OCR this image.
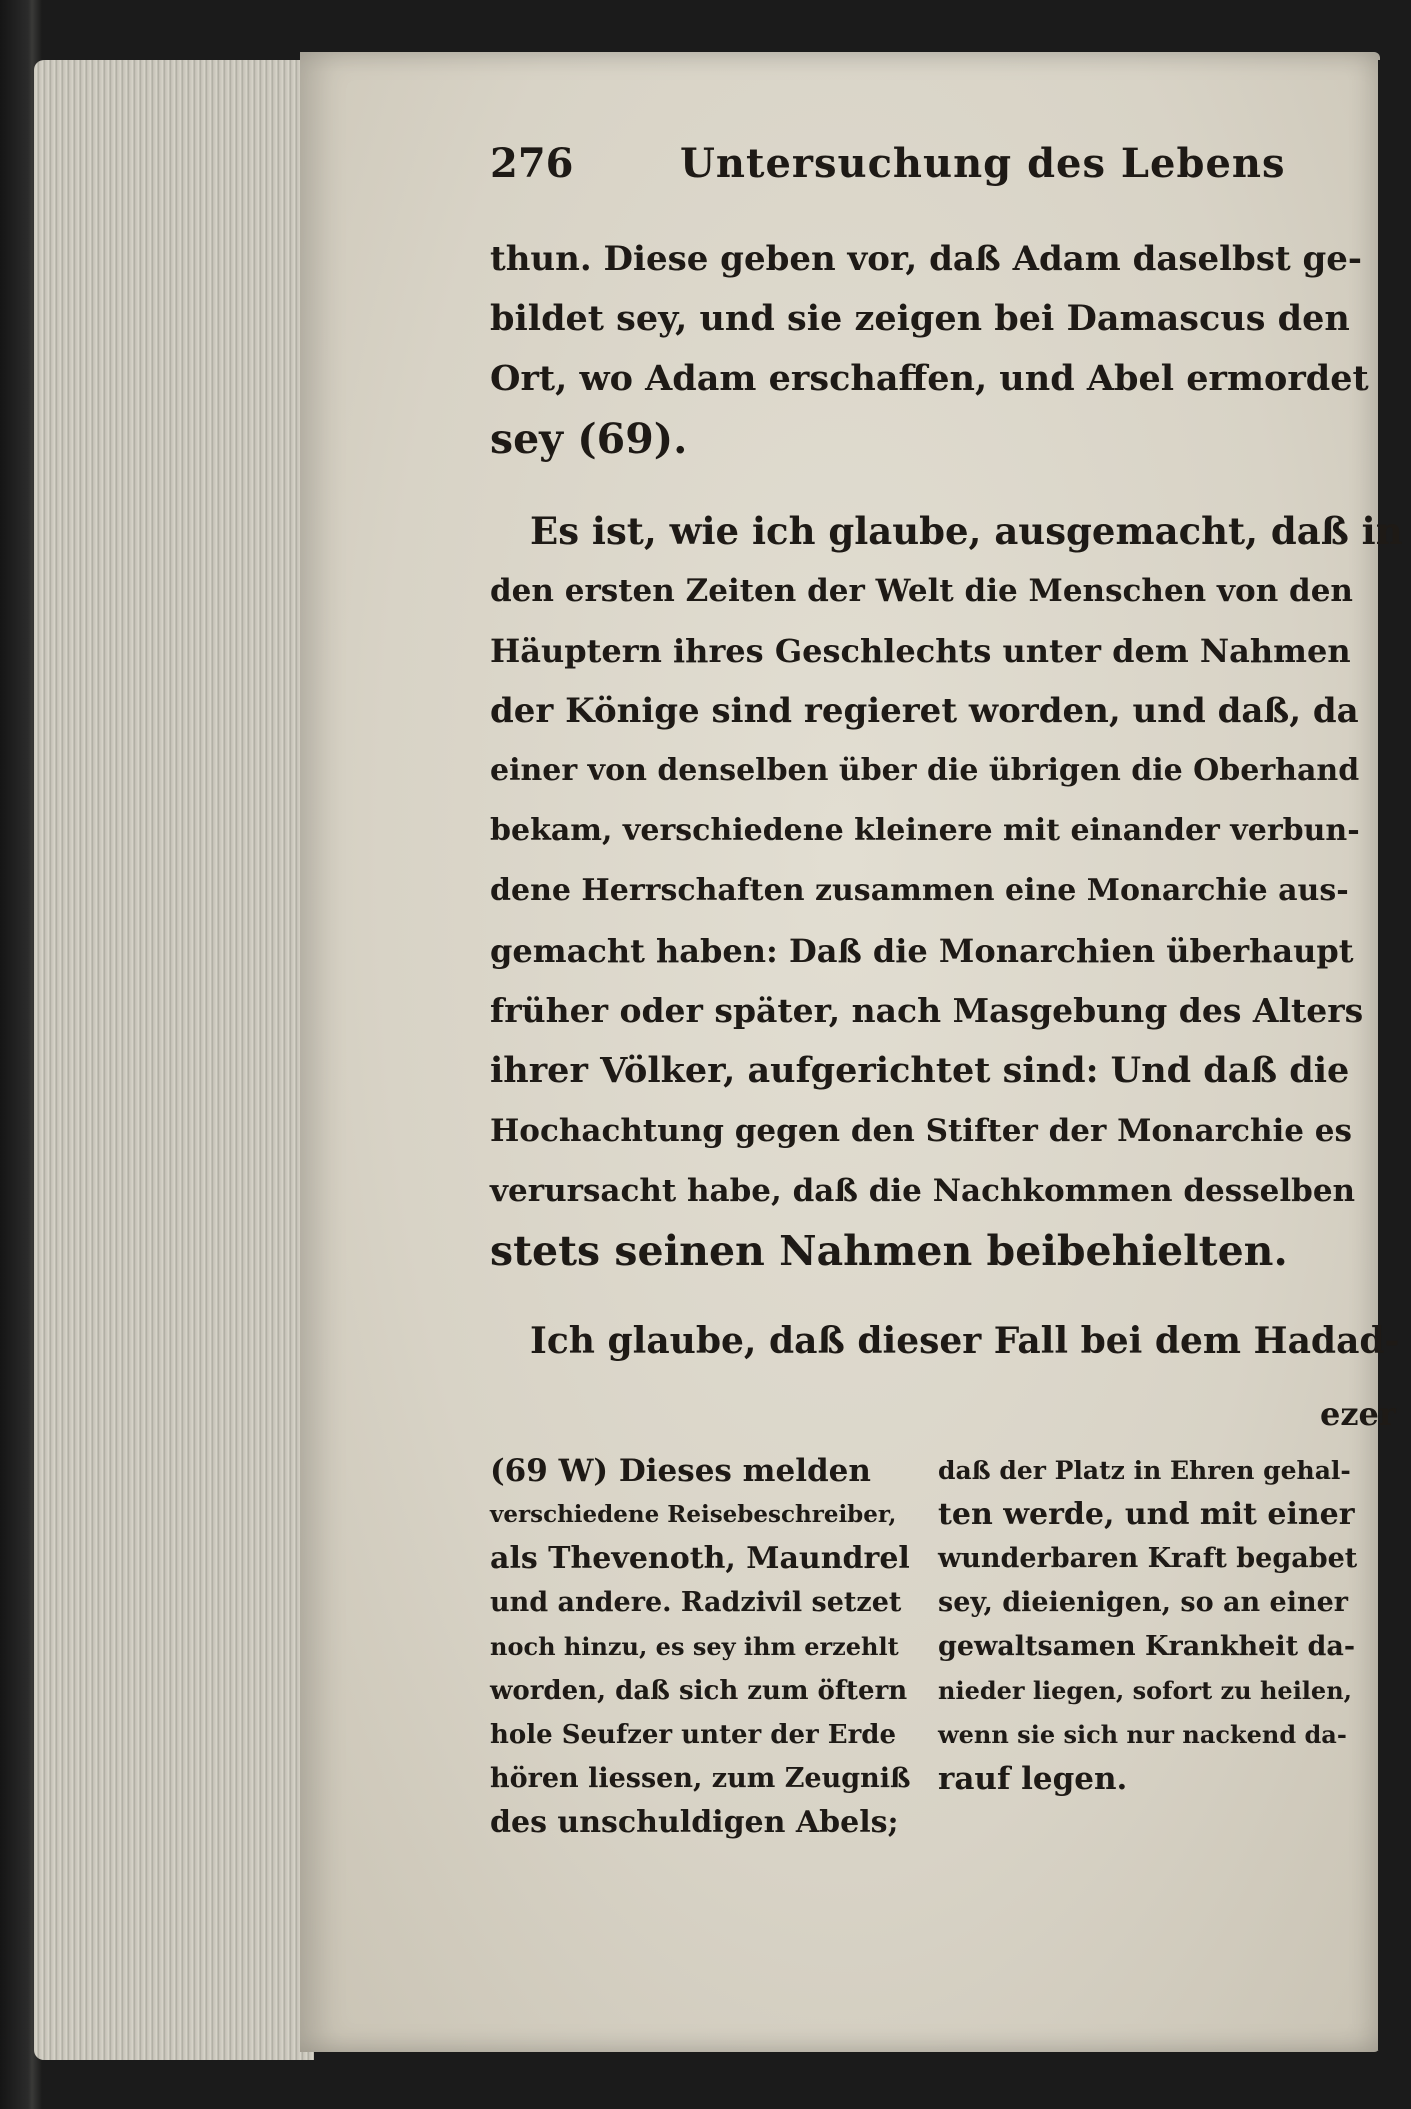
276	Untersuchung des Lebens
thun. Diese geben vor, daß Adam daselbst ge-
bildet sey, und sie zeigen bei Damascus den
Ort, wo Adam erschaffen, und Abel ermordet
sey (69).
Es ist, wie ich glaube, ausgemacht, daß in
den ersten Zeiten der Welt die Menschen von den
Häuptern ihres Geschlechts unter dem Nahmen
der Könige sind regieret worden, und daß, da
einer von denselben über die übrigen die Oberhand
bekam, verschiedene kleinere mit einander verbun-
dene Herrschaften zusammen eine Monarchie aus-
gemacht haben: Daß die Monarchien überhaupt
früher oder später, nach Masgebung des Alters
ihrer Völker, aufgerichtet sind: Und daß die
Hochachtung gegen den Stifter der Monarchie es
verursacht habe, daß die Nachkommen desselben
stets seinen Nahmen beibehielten.
Ich glaube, daß dieser Fall bei dem Hadad-
ezer
(69 W) Dieses melden
verschiedene Reisebeschreiber,
als Thevenoth, Maundrel
und andere. Radzivil setzet
noch hinzu, es sey ihm erzehlt
worden, daß sich zum öftern
hole Seufzer unter der Erde
hören liessen, zum Zeugniß
des unschuldigen Abels;
daß der Platz in Ehren gehal-
ten werde, und mit einer
wunderbaren Kraft begabet
sey, dieienigen, so an einer
gewaltsamen Krankheit da-
nieder liegen, sofort zu heilen,
wenn sie sich nur nackend da-
rauf legen.
